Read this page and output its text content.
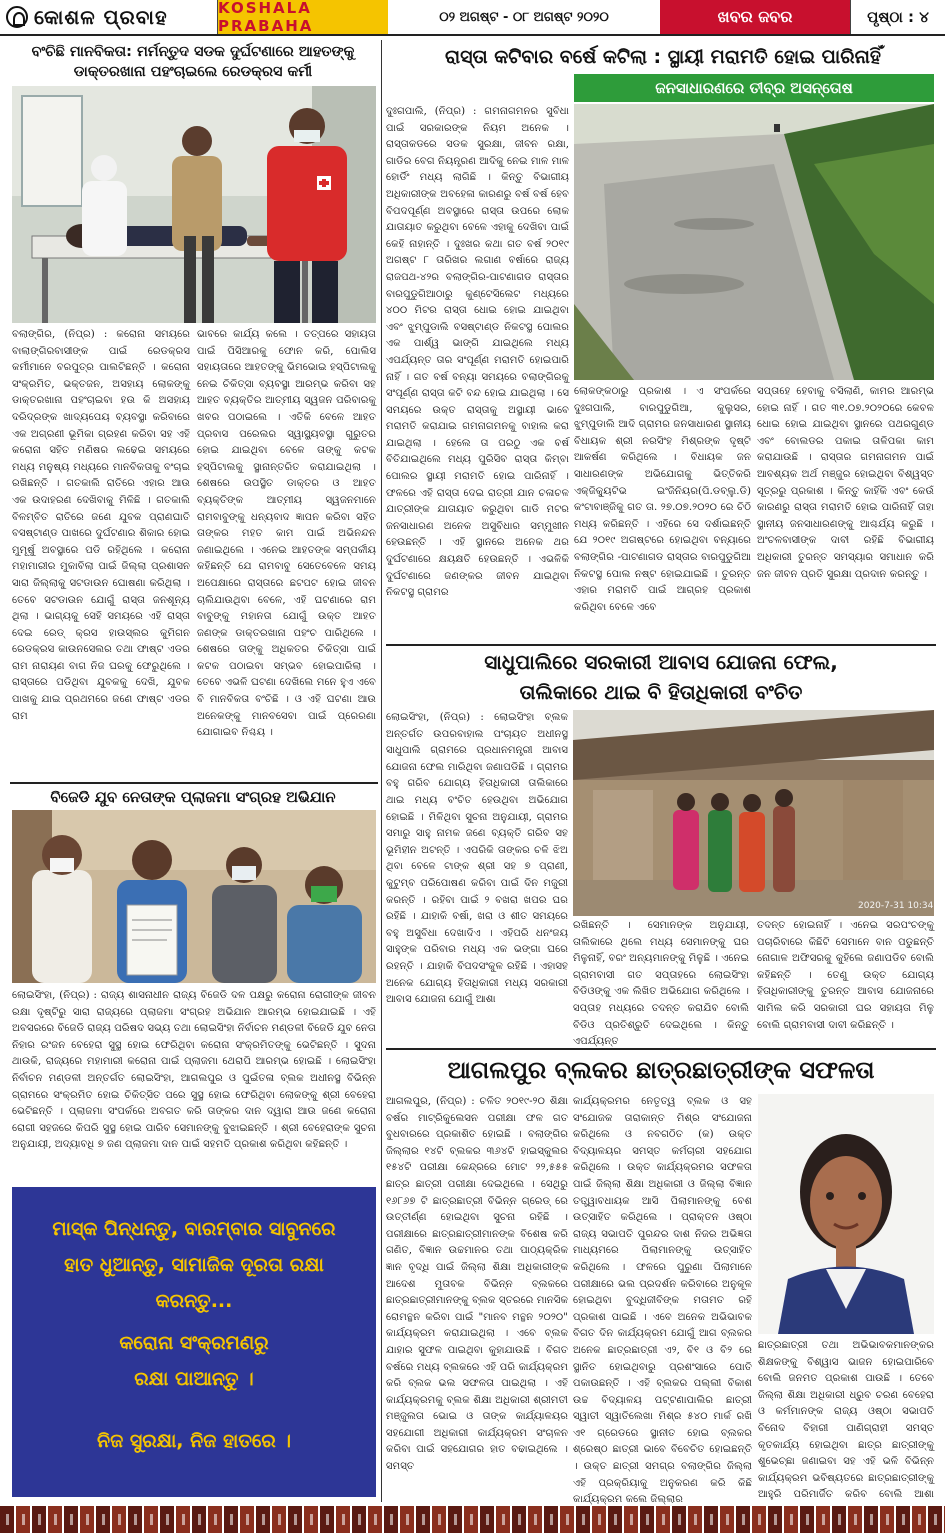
କୋଶଳ ପ୍ରବାହ	KOSHALA PRABAHA	୦୨ ଅଗଷ୍ଟ - ୦୮ ଅଗଷ୍ଟ ୨୦୨୦	ଖବର ଜବର	ପୃଷ୍ଠା : ୪
ବଂଚିଛି ମାନବିକତା: ମର୍ମନ୍ତୁଦ ସଡକ ଦୁର୍ଘଟଣାରେ ଆହତଙ୍କୁ ଡାକ୍ତରଖାନା ପହଂଚାଇଲେ ରେଡକ୍ରସ କର୍ମୀ
ବଲାଙ୍ଗିର, (ନିପ୍ର) : କରୋନା ସମୟରେ ବାଲାଙ୍ଗିରବାସୀଙ୍କ ପାଇଁ ରେଡକ୍ରସ କର୍ମୀମାନେ ବରପୁତ୍ର ପାଲଟିଛନ୍ତି । କରୋନା ସଂକ୍ରମିତ, ଭକ୍ତଜନ, ଅସହାୟ ଲୋକଙ୍କୁ ଡାକ୍ତରଖାନା ପହଂଚାଇବା ହଉ କି ଅସହାୟ ଦରିଦ୍ରଙ୍କ ଖାଦ୍ୟପେୟ ବ୍ୟବସ୍ଥା କରିବାରେ ଏକ ଅଗ୍ରଣୀ ଭୂମିକା ଗ୍ରହଣ କରିବା ସହ ଏହି କରୋନା ସହିତ ମଣିଷର ଲଢେଇ ସମୟରେ ମଧ୍ୟ ମନୁଷ୍ୟ ମଧ୍ୟରେ ମାନବିକତାକୁ ବଂଚାଇ ରଖିଛନ୍ତି । ଗତକାଲି ରାତିରେ ଏହାର ଆଉ ଏକ ଉଦାହରଣ ଦେଖିବାକୁ ମିଳିଛି । ଗତକାଲି ବିଳମ୍ବିତ ରାତିରେ ଜଣେ ଯୁବକ ପ୍ରାଣଘାତି ବସଷ୍ଟାଣ୍ଡ ପାଖରେ ଦୁର୍ଘଟଣାର ଶିକାର ହୋଇ ମୁମୂର୍ଷୁ ଅବସ୍ଥାରେ ପଡି ରହିଥିଲେ । କରୋନା ମହାମାରୀର ମୁକାବିଲା ପାଇଁ ଜିଲ୍ଲା ପ୍ରଶାସନ ସାରା ଜିଲ୍ଲାକୁ ସଟଡାଉନ ଘୋଷଣା କରିଥିଲା । ତେବେ ସଟଡାଉନ ଯୋଗୁଁ ରାସ୍ତା ଜନଶୂନ୍ୟ ଥିଲା । ଭାଗ୍ୟକୁ ସେହି ସମୟରେ ଏହି ରାସ୍ତା ଦେଇ ରେଡ୍ କ୍ରସ ହାଉସ୍‌ଲର କୁମିଗନ ରେଡକ୍ରସ କାଉନସେଲର ତଥା ଫାଷ୍ଟ ଏଡର ରାମ ନାରାୟଣ ବାଗ ନିଜ ଘରକୁ ଫେରୁଥିଲେ । ରାସ୍ତାରେ ପଡିଥିବା ଯୁବକକୁ ଦେଖି, ଯୁବକ ପାଖକୁ ଯାଇ ପ୍ରଥମରେ ଜଣେ ଫାଷ୍ଟ ଏଡର ରାମ
ଭାବରେ କାର୍ଯ୍ୟ କଲେ । ତତ୍‌ପରେ ସହାୟତା ପାଇଁ ପିସିଆରକୁ ଫୋନ କରି, ପୋଲିସ ସହାୟତାରେ ଆହତଙ୍କୁ ଭିମଭୋଇ ହସ୍‌ପିଟାଲକୁ ନେଇ ଚିକିତ୍ସା ବ୍ୟବସ୍ଥା ଆରମ୍ଭ କରିବା ସହ ଆହତ ବ୍ୟକ୍ତିର ଆତ୍ମୀୟ ସ୍ୱଜନ ପରିବାରକୁ ଖବର ପଠାଇଲେ । ଏତିକି ବେଳେ ଆହତ ପ୍ରବାସ ପରେଲର ସ୍ୱାସ୍ଥ୍ୟବସ୍ଥା ଗୁରୁତର ହୋଇ ଯାଇଥିବା ବେଳେ ତାଙ୍କୁ କଟକ ହସ୍‌ପିଟାଲକୁ ସ୍ଥାନାନ୍ତରିତ କରାଯାଇଥିଲା । ଶେଷରେ ଉପସ୍ଥିତ ଡାକ୍ତର ଓ ଆହତ ବ୍ୟକ୍ତିଙ୍କ ଆତ୍ମୀୟ ସ୍ୱଜନମାନେ ରାମବାବୁଙ୍କୁ ଧନ୍ୟବାଦ ଜ୍ଞାପନ କରିବା ସହିତ ତାଙ୍କର ମହତ କାମ ପାଇଁ ଅଭିନନ୍ଦନ ଜଣାଇଥିଲେ । ଏନେଇ ଆହତଙ୍କ ସମ୍ପର୍କୀୟ କହିଛନ୍ତି ଯେ ରାମବାବୁ ସେତେବେଳେ ସମୟ ଅପେକ୍ଷାରେ ରାସ୍ତାରେ ଛଟପଟ ହୋଇ ଜୀବନ ଚାଲିଯାଉଥିବା ବେଳେ, ଏହି ଘଟଣାରେ ରାମ ବାବୁଙ୍କୁ ମହାନତା ଯୋଗୁଁ ଉକ୍ତ ଆହତ ଜଣଙ୍କ ଡାକ୍ତରଖାନା ପହଂଚ ପାରିଥିଲେ । ଶେଷରେ ତାଙ୍କୁ ଅଧିକତର ଚିକିତ୍ସା ପାଇଁ କଟକ ପଠାଇବା ସମ୍ଭବ ହୋଇପାରିଲା । ତେବେ ଏଭଳି ଘଟଣା ଦେଖିଲେ ମନେ ହୁଏ ଏବେ ବି ମାନବିକତା ବଂଚିଛି । ଓ ଏହି ଘଟଣା ଆଉ ଅନେକଙ୍କୁ ମାନବସେବା ପାଇଁ ପ୍ରେରଣା ଯୋଗାଇବ ନିଶ୍ଚୟ ।
ବିଜେଡି ଯୁବ ନେତାଙ୍କ ପ୍ଲାଜମା ସଂଗ୍ରହ ଅଭିଯାନ
ଲୋଇସିଂହା, (ନିପ୍ର) : ରାଜ୍ୟ ଶାସନାଧୀନ ରାଜ୍ୟ ବିଜେଡି ଦଳ ପକ୍ଷରୁ କରୋନା ରୋଗୀଙ୍କ ଜୀବନ ରକ୍ଷା ଦୃଷ୍ଟିରୁ ସାରା ରାଜ୍ୟରେ ପ୍ଲାଜମା ସଂଗ୍ରହ ଅଭିଯାନ ଆରମ୍ଭ ହୋଇଯାଇଛି । ଏହି ଅବସରରେ ବିଜେଡି ରାଜ୍ୟ ପରିଷଦ ସଭ୍ୟ ତଥା ଲୋଇସିଂହା ନିର୍ବାଚନ ମଣ୍ଡଳୀ ବିଜେଡି ଯୁବ ନେତା ନିହାର ରଂଜନ ବେହେରା ସୁସ୍ଥ ହୋଇ ଫେରିଥିବା କରୋନା ସଂକ୍ରମିତଙ୍କୁ ଭେଟିଛନ୍ତି । ସୁଦନା ଥାଉକି, ରାଜ୍ୟରେ ମହାମାରୀ କରୋନା ପାଇଁ ପ୍ଲାଜମା ଥେରାପି ଆରମ୍ଭ ହୋଇଛି । ଲୋଇସିଂହା ନିର୍ବାଚନ ମଣ୍ଡଳୀ ଅନ୍ତର୍ଗତ ଲୋଇସିଂହା, ଆଗଲପୁର ଓ ପୁଇଁତଳା ବ୍ଲକ ଅଧୀନସ୍ଥ ବିଭିନ୍ନ ଗ୍ରାମରେ ସଂକ୍ରମିତ ହୋଇ ଚିକିତ୍ସିତ ପରେ ସୁସ୍ଥ ହୋଇ ଫେରିଥିବା ଲୋକଙ୍କୁ ଶ୍ରୀ ବେହେରା ଭେଟିଛନ୍ତି । ପ୍ଲାଜମା ସଂପର୍କରେ ଅବଗତ କରି ତାଙ୍କର ଦାନ ଦ୍ୱାରା ଆଉ ଜଣେ କରୋନା ରୋଗୀ ସହଜରେ କିପରି ସୁସ୍ଥ ହୋଇ ପାରିବ ସେମାନଙ୍କୁ ବୁଝାଇଛନ୍ତି । ଶ୍ରୀ ବେହେରାଙ୍କ ସୁଚନା ଅନୁଯାୟୀ, ଅଦ୍ୟାବଧି ୭ ଜଣ ପ୍ଲାଜମା ଦାନ ପାଇଁ ସହମତି ପ୍ରକାଶ କରିଥିବା କହିଛନ୍ତି ।

ମାସ୍କ ପିନ୍ଧନ୍ତୁ, ବାରମ୍ବାର ସାବୁନରେ

ହାତ ଧୁଆନ୍ତୁ, ସାମାଜିକ ଦୂରତା ରକ୍ଷା

କରନ୍ତୁ...

କରୋନା ସଂକ୍ରମଣରୁ

ରକ୍ଷା ପାଆନ୍ତୁ ।

ନିଜ ସୁରକ୍ଷା, ନିଜ ହାତରେ ।

ରାସ୍ତା କଟିବାର ବର୍ଷେ କଟିଲା : ସ୍ଥାୟୀ ମରାମତି ହୋଇ ପାରିନାହିଁ
ଜନସାଧାରଣରେ ତୀବ୍ର ଅସନ୍ତୋଷ
ଦୁଃଗପାଲି, (ନିପ୍ର) : ଗମନାଗମନର ସୁବିଧା ପାଇଁ ସରକାରଙ୍କ ନିୟମ ଅନେକ । ରାସ୍ତାକଡରେ ସଡକ ସୁରକ୍ଷା, ଜୀବନ ରକ୍ଷା, ଗାଡିର ବେଗ ନିୟନ୍ତ୍ରଣ ଆଦିକୁ ନେଇ ମାଳ ମାଳ ହୋର୍ଡିଂ ମଧ୍ୟ ଲାଗିଛି । କିନ୍ତୁ ବିଭାଗୀୟ ଅଧିକାରୀଙ୍କ ଅବହେଳା କାରଣରୁ ବର୍ଷ ବର୍ଷ ହେବ ବିପଦପୂର୍ଣ୍ଣ ଅବସ୍ଥାରେ ରାସ୍ତା ଉପରେ ଲୋକ ଯାତାୟାତ କରୁଥିବା ବେଳେ ଏହାକୁ ଦେଖିବା ପାଇଁ କେହି ନାହାନ୍ତି । ଦୁଃଖର କଥା ଗତ ବର୍ଷ ୨୦୧୯ ଅଗଷ୍ଟ ୮ ତାରିଖର ଲଗାଣ ବର୍ଷାରେ ରାଜ୍ୟ ରାଜପଥ-୪୨ର ବଲାଙ୍ଗିର-ପାଟଣାଗଡ ରାସ୍ତାର ବାରପୁଡୁଗିଆଠାରୁ କୁଣ୍ଟେସିଲେଟ ମଧ୍ୟରେ ୪୦୦ ମିଟର ରାସ୍ତା ଧୋଇ ହୋଇ ଯାଇଥିବା ଏବଂ ଝୁମ୍ପୁଡାଲି ବସଷ୍ଟାଣ୍ଡ ନିକଟସ୍ଥ ପୋଲର ଏକ ପାର୍ଶ୍ୱ ଭାଙ୍ଗି ଯାଇଥିଲେ ମଧ୍ୟ ଏପର୍ଯ୍ୟନ୍ତ ତାର ସଂପୂର୍ଣ୍ଣ ମରାମତି ହୋଇପାରି ନାହିଁ । ଗତ ବର୍ଷ ବନ୍ୟା ସମୟରେ ବଲାଙ୍ଗିରକୁ ସଂପୂର୍ଣ୍ଣ ରାସ୍ତା କଟି ବନ୍ଦ ହୋଇ ଯାଇଥିଲା । ସେ ସମୟରେ ଉକ୍ତ ରାସ୍ତାକୁ ଅସ୍ଥାୟୀ ଭାବେ ମରାମତି କରାଯାଇ ଗମନାଗମନକୁ ବାହାଲ କରା ଯାଇଥିଲା । ହେଲେ ତା ପରଠୁ ଏକ ବର୍ଷ ବିତିଯାଇଥିଲେ ମଧ୍ୟ ପୁରିସିବ ରାସ୍ତା କିମ୍ବା ପୋଲର ସ୍ଥାୟୀ ମରାମତି ହୋଇ ପାରିନାହିଁ । ଫଳରେ ଏହି ରାସ୍ତା ଦେଇ ରାତ୍ରୀ ଯାନ ଚଳାଚଳ ଯାତ୍ରୀଙ୍କ ଯାତାୟାତ କରୁଥିବା ଗାଡି ମଟର ଜନସାଧାରଣ ଅନେକ ଅସୁବିଧାର ସମ୍ମୁଖୀନ ହେଉଛନ୍ତି । ଏହି ସ୍ଥାନରେ ଅନେକ ଥର ଦୁର୍ଘଟଣାରେ କ୍ଷୟକ୍ଷତି ହେଉଛନ୍ତି । ଏଭଳିକି ଦୁର୍ଘଟଣାରେ ଜଣଙ୍କର ଜୀବନ ଯାଇଥିବା ନିକଟସ୍ଥ ଗ୍ରାମର
ଲୋକଙ୍କଠାରୁ ପ୍ରକାଶ । ଏ ସଂପର୍କରେ ଦୁଃଗପାଲି, ବାରପୁଡୁଗିଆ, କୁଲୁସର, ଝୁମ୍ପୁଡାଲି ଆଦି ଗ୍ରାମର ଜନସାଧାରଣ ସ୍ଥାନୀୟ ବିଧାୟକ ଶ୍ରୀ ନରସିଂହ ମିଶ୍ରଙ୍କ ଦୃଷ୍ଟି ଆକର୍ଷଣ କରିଥିଲେ । ବିଧାୟକ ଜନ ସାଧାରଣଙ୍କ ଅଭିଯୋଗକୁ ଭିତ୍ତିକରି ଏକ୍‌ଜିକ୍ୟୁଟିଭ ଇଂଜିନିୟର(ପି.ଡବ୍ଲୁ.ଡି) କଂଟାବାଞ୍ଜିକୁ ଗତ ତା. ୨୭.୦୭.୨୦୨୦ ରେ ଚିଠି ମଧ୍ୟ କରିଛନ୍ତି । ଏହିରେ ସେ ଦର୍ଶାଇଛନ୍ତି ଯେ ୨୦୧୯ ଅଗଷ୍ଟରେ ହୋଇଥିବା ବନ୍ୟାରେ ବଲାଙ୍ଗିର -ପାଟଣାଗଡ ରାସ୍ତାର ବାରପୁଡୁଗିଆ ନିକଟସ୍ଥ ପୋଲ ନଷ୍ଟ ହୋଇଯାଇଛି । ତୁରନ୍ତ ଏହାର ମରାମତି ପାଇଁ ଆଗ୍ରହ ପ୍ରକାଶ କରିଥିବା ବେଳେ ଏବେ
ସପ୍ତାହେ ହେବାକୁ ବସିଲାଣି, କାମର ଆରମ୍ଭ ହୋଇ ନାହିଁ । ଗତ ୩୧.୦୭.୨୦୨୦ରେ କେବଳ ଧୋଇ ହୋଇ ଯାଇଥିବା ସ୍ଥାନରେ ପଥରଗୁଣ୍ଡ ଏବଂ ବୋଲଡର ପକାଇ ତାଳିପକା କାମ କରାଯାଉଛି । ରାସ୍ତାର ଗମନାଗମନ ପାଇଁ ଆବଶ୍ୟକ ଅର୍ଥ ମଞ୍ଜୁର ହୋଇଥିବା ବିଶ୍ୱସ୍ତ ସୂତ୍ରରୁ ପ୍ରକାଶ । କିନ୍ତୁ କାହିଁକି ଏବଂ କେଉଁ କାରଣରୁ ରାସ୍ତା ମରାମତି ହୋଇ ପାରିନାହିଁ ତାହା ସ୍ଥାନୀୟ ଜନସାଧାରଣଙ୍କୁ ଆଶ୍ଚର୍ଯ୍ୟ କରୁଛି । ଅଂଚଳବାସୀଙ୍କ ଦାବୀ ରହିଛି ବିଭାଗୀୟ ଅଧିକାରୀ ତୁରନ୍ତ ସମସ୍ୟାର ସମାଧାନ କରି ଜନ ଜୀବନ ପ୍ରତି ସୁରକ୍ଷା ପ୍ରଦାନ କରନ୍ତୁ ।
ସାଧୁପାଲିରେ ସରକାରୀ ଆବାସ ଯୋଜନା ଫେଲ,
ତାଲିକାରେ ଥାଇ ବି ହିତାଧିକାରୀ ବଂଚିତ
ଲୋଇସିଂହା, (ନିପ୍ର) : ଲୋଇସିଂହା ବ୍ଲକ ଅନ୍ତର୍ଗତ ଉପରବାହାଲ ପଂଚାୟତ ଅଧୀନସ୍ଥ ସାଧୁପାଲି ଗ୍ରାମରେ ପ୍ରଧାନମନ୍ତ୍ରୀ ଆବାସ ଯୋଜନା ଫେଲ ମାରିଥିବା ଜଣାପଡିଛି । ଗ୍ରାମର ବହୁ ଗରିବ ଯୋଗ୍ୟ ହିତାଧିକାରୀ ତାଲିକାରେ ଥାଇ ମଧ୍ୟ ବଂଚିତ ହେଉଥିବା ଅଭିଯୋଗ ହୋଇଛି । ମିଳିଥିବା ସୁଚନା ଅନୁଯାୟୀ, ଗ୍ରାମର ସମାରୁ ସାହୁ ନାମକ ଜଣେ ବ୍ୟକ୍ତି ଗରିବ ସହ ଭୂମିହୀନ ଅଟନ୍ତି । ଏପରିକି ତାଙ୍କର ଚଳି ଝିଅ ଥିବା ବେଳେ ଟାଙ୍କ ଶ୍ରୀ ସହ ୭ ପ୍ରାଣୀ, କୁଟୁମ୍ବ ପରିପୋଷଣ କରିବା ପାଇଁ ଦିନ ମଜୁରୀ କରନ୍ତି । ରହିବା ପାଇଁ ୨ ବଖରା ଖପର ଘର ରହିଛି । ଯାହାକି ବର୍ଷା, ଖରା ଓ ଶୀତ ସମୟରେ ବହୁ ଅସୁବିଧା ଦେଖାଦିଏ । ଏହିପରି ଧନଂଜୟ ସାହୁଙ୍କ ପରିବାର ମଧ୍ୟ ଏକ ଭଙ୍ଗା ଘରେ ରହନ୍ତି । ଯାହାକି ବିପଦସଂକୁଳ ରହିଛି । ଏହାସହ ଅନେକ ଯୋଗ୍ୟ ହିତାଧିକାରୀ ମଧ୍ୟ ସରକାରୀ ଆବାସ ଯୋଜନା ଯୋଗୁଁ ଆଶା
2020-7-31 10:34
ରଖିଛନ୍ତି । ସେମାନଙ୍କ ଅନୁଯାୟୀ, ତାଲିକାରେ ଥିଲେ ମଧ୍ୟ ସେମାନଙ୍କୁ ଘର ମିଳୁନାହିଁ, ବରଂ ଅନ୍ୟମାନଙ୍କୁ ମିଳୁଛି । ଏନେଇ ଗ୍ରାମବାସୀ ଗତ ସପ୍ତାହରେ ଲୋଇସିଂହା ବିଡିଓଙ୍କୁ ଏକ ଲିଖିତ ଅଭିଯୋଗ କରିଥିଲେ । ସପ୍ତାହ ମଧ୍ୟରେ ତଦନ୍ତ କରାଯିବ ବୋଲି ବିଡିଓ ପ୍ରତିଶ୍ରୁତି ଦେଇଥିଲେ । କିନ୍ତୁ ଏପର୍ଯ୍ୟନ୍ତ
ତଦନ୍ତ ହୋଇନାହିଁ । ଏନେଇ ସରପଂଚଙ୍କୁ ପଚାରିବାରେ କିଛିଟି ସେମାନେ ବାନ ପଡୁଛନ୍ତି ନୋଗାଳ ଅଫିସରକୁ କୁହିଲେ ଜଣାପଡିବ ବୋଲି କହିଛନ୍ତି । ତେଣୁ ଉକ୍ତ ଯୋଗ୍ୟ ହିତାଧିକାରୀଙ୍କୁ ତୁରନ୍ତ ଆବାସ ଯୋଜନାରେ ସାମିଲ କରି ସରକାରୀ ଘର ସହାୟତା ମିଳୁ ବୋଲି ଗ୍ରାମବାସୀ ଦାବୀ କରିଛନ୍ତି ।
ଆଗଲପୁର ବ୍ଲକର ଛାତ୍ରଛାତ୍ରୀଙ୍କ ସଫଳତା
ଆଗଲପୁର, (ନିପ୍ର) : ଚଳିତ ୨୦୧୯-୨୦ ଶିକ୍ଷା ବର୍ଷର ମାଟ୍ରିକୁଲେସନ ପରୀକ୍ଷା ଫଳ ଗତ ବୁଧବାରରେ ପ୍ରକାଶିତ ହୋଇଛି । ବଲାଙ୍ଗିର ଜିଲ୍ଲାର ୧୪ଟି ବ୍ଲକର ୩୬୪ଟି ହାଇସ୍କୁଲର ୧୫୪ଟି ପରୀକ୍ଷା କେନ୍ଦ୍ରରେ ମୋଟ ୨୨,୫୫୫ ଛାତ୍ର ଛାତ୍ରୀ ପରୀକ୍ଷା ଦେଇଥିଲେ । ସେଥିରୁ ୧୬୮୬୭ ଟି ଛାତ୍ରଛାତ୍ରୀ ବିଭିନ୍ନ ଗ୍ରେଡ୍ ରେ ଉତ୍ତୀର୍ଣ୍ଣ ହୋଇଥିବା ସୁଚନା ରହିଛି । ପରୀକ୍ଷାରେ ଛାତ୍ରଛାତ୍ରୀମାନଙ୍କ ବିଶେଷ କରି ଗଣିତ, ବିଜ୍ଞାନ ଉଚ୍ଚମାନର ତଥା ପାଠ୍ୟକ୍ରିକ ଜ୍ଞାନ ବୃଦ୍ଧି ପାଇଁ ଜିଲ୍ଲା ଶିକ୍ଷା ଅଧିକାରୀଙ୍କ ଆଦେଶ ମୁତାବକ ବିଭିନ୍ନ ବ୍ଲକରେ ଛାତ୍ରଛାତ୍ରୀମାନଙ୍କୁ ବ୍ଲକ ସ୍ତରରେ ମାନସିକ ରୋମନ୍ଥନ କରିବା ପାଇଁ "ମାନବ ମନ୍ଥନ ୨୦୨୦" କାର୍ଯ୍ୟକ୍ରମ କରାଯାଇଥିଲା । ଏବେ ବ୍ଲକ ଯାହାର ସୁଫଳ ପାଇଥିବା କୁହାଯାଉଛି । ବିଗତ ବର୍ଷରେ ମଧ୍ୟ ବ୍ଲକରେ ଏହି ପରି କାର୍ଯ୍ୟକ୍ରମ କରି ବ୍ଲକ ଭଲ ସଫଳତା ପାଇଥିଲା । ଏହି କାର୍ଯ୍ୟକ୍ରମକୁ ବ୍ଲକ ଶିକ୍ଷା ଅଧିକାରୀ ଶ୍ରୀମତୀ ମଞ୍ଜୁଲତା ଭୋଇ ଓ ତାଙ୍କ କାର୍ଯ୍ୟାଳୟର ସହଯୋଗୀ ଅଧିକାରୀ କାର୍ଯ୍ୟକ୍ରମ ସଂଚାଳନ କରିବା ପାଇଁ ସହଯୋଗର ହାତ ବଢାଇଥିଲେ । ସମସ୍ତ
କାର୍ଯ୍ୟକ୍ରମର ନେତୃତ୍ୱ ବ୍ଲକ ଓ ସହ ସଂଯୋଜକ ତାରାକାନ୍ତ ମିଶ୍ର ସଂଯୋଜନା କରିଥିଲେ ଓ ନବଗଠିତ (କ) ଉକ୍ତ ବିଦ୍ୟାଳୟର ସମସ୍ତ କର୍ମଚାରୀ ସହଯୋଗ କରିଥିଲେ । ଉକ୍ତ କାର୍ଯ୍ୟକ୍ରମର ସଫଳତା ପାଇଁ ଜିଲ୍ଲା ଶିକ୍ଷା ଅଧିକାରୀ ଓ ଜିଲ୍ଲା ବିଜ୍ଞାନ ତତ୍ତ୍ୱାବଧାୟକ ଆସି ପିଲାମାନଙ୍କୁ ବେଶ ଉତ୍ସାହିତ କରିଥିଲେ । ପ୍ରାକ୍ତନ ଓଷ୍ଠା ରାଜ୍ୟ ସଭାପତି ପୁରନ୍ଦର ଦାଶ ନିଜର ଅଭିଜ୍ଞତା ମାଧ୍ୟମରେ ପିଲାମାନଙ୍କୁ ଉତ୍ସାହିତ କରିଥିଲେ । ଫଳରେ ପୁରୁଣା ପିଲାମାନେ ପରୀକ୍ଷାରେ ଭଲ ପ୍ରଦର୍ଶନ କରିବାରେ ଅନୁକୂଳ ହୋଇଥିବା ବୁଦ୍ଧିଜୀବିଙ୍କ ମତାମତ ରହି ପ୍ରକାଶ ପାଇଛି । ଏବେ ଅନେକ ଅଭିଭାବକ ବିଗତ ଦିନ କାର୍ଯ୍ୟକ୍ରମ ଯୋଗୁଁ ଆଗ ବ୍ଲକର ଅନେକ ଛାତ୍ରଛାତ୍ରୀ ଏ୨, ବି୧ ଓ ବି୨ ରେ ସ୍ଥାନିତ ହୋଇଥିବାରୁ ପ୍ରଶଂସାରେ ପୋତି ପକାଉଛନ୍ତି । ଏହି ବ୍ଲକର ପଲ୍ଲୀ ବିକାଶ ଉଚ୍ଚ ବିଦ୍ୟାଳୟ ପଟ୍ଟଣାପାଲିର ଛାତ୍ରୀ ସ୍ୱାତୀ ସ୍ୱାତିଲେଖା ମିଶ୍ର ୫୪୦ ମାର୍କ ରଖି ଏ୧ ଗ୍ରେଡରେ ସ୍ଥାନୀତ ହୋଇ ବ୍ଲକର ଶ୍ରେଷ୍ଠ ଛାତ୍ରୀ ଭାବେ ବିବେଚିତ ହୋଇଛନ୍ତି । ଉକ୍ତ ଛାତ୍ରୀ ସମଗ୍ର ବଲାଙ୍ଗିର ଜିଲ୍ଲା ଏହି ପ୍ରକ୍ରିୟାକୁ ଅନୁକରଣ କରି କିଛି କାର୍ଯ୍ୟକ୍ରମ କଲେ ଜିଲ୍ଲାର
ଛାତ୍ରଛାତ୍ରୀ ତଥା ଅଭିଭାବକମାନଙ୍କର ଶିକ୍ଷକଙ୍କୁ ବିଶ୍ୱାସ ଭାଜନ ହୋଇପାରିବେ ବୋଲି ଜନମତ ପ୍ରକାଶ ପାଉଛି । ତେବେ ଜିଲ୍ଲା ଶିକ୍ଷା ଅଧିକାରୀ ଧ୍ରୁବ ଚରଣ ବେହେରା ଓ କର୍ମମାନଙ୍କ ରାଜ୍ୟ ଓଷ୍ଠା ସଭାପତି ବିନୋଦ ବିହାରୀ ପାଣିଗ୍ରାହୀ ସମସ୍ତ କୃତକାର୍ଯ୍ୟ ହୋଇଥିବା ଛାତ୍ର ଛାତ୍ରୀଙ୍କୁ ଶୁଭେଚ୍ଛା ଜଣାଇବା ସହ ଏହି ଭଳି ବିଭିନ୍ନ କାର୍ଯ୍ୟକ୍ରମ ଭବିଷ୍ୟତରେ ଛାତ୍ରଛାତ୍ରୀଙ୍କୁ ଆହୁରି ପରିମାର୍ଜିତ କରିବ ବୋଲି ଆଶା
